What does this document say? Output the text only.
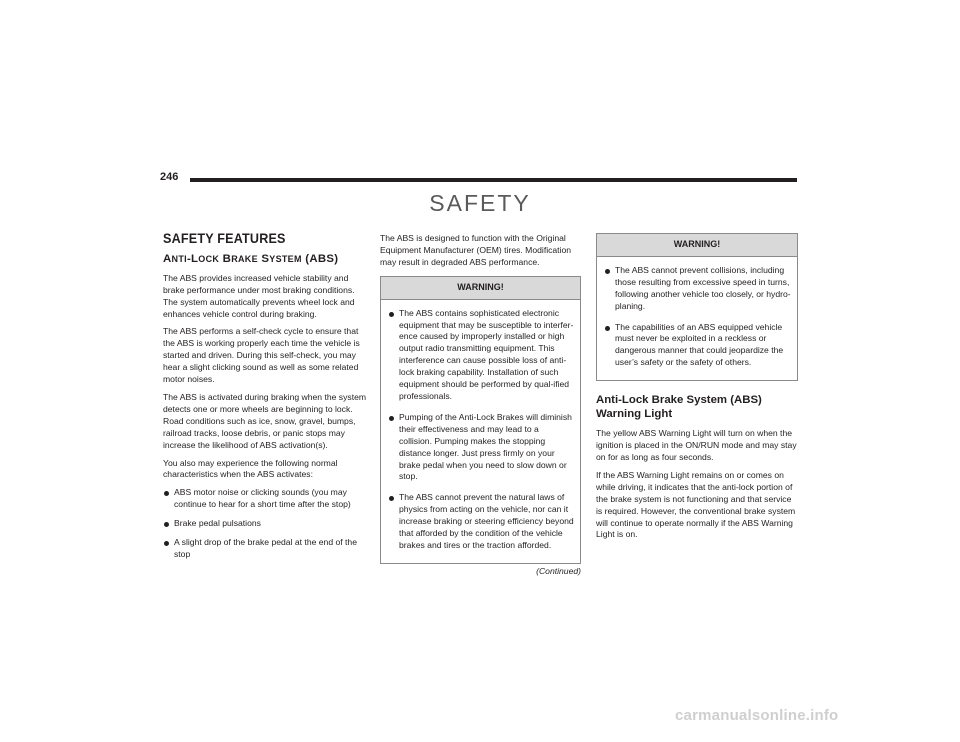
246
SAFETY
SAFETY FEATURES
ANTI-LOCK BRAKE SYSTEM (ABS)

The ABS provides increased vehicle stability and brake performance under most braking conditions. The system automatically prevents wheel lock and enhances vehicle control during braking.

The ABS performs a self-check cycle to ensure that the ABS is working properly each time the vehicle is started and driven. During this self-check, you may hear a slight clicking sound as well as some related motor noises.

The ABS is activated during braking when the system detects one or more wheels are beginning to lock. Road conditions such as ice, snow, gravel, bumps, railroad tracks, loose debris, or panic stops may increase the likelihood of ABS activation(s).

You also may experience the following normal characteristics when the ABS activates:

ABS motor noise or clicking sounds (you may continue to hear for a short time after the stop)
Brake pedal pulsations
A slight drop of the brake pedal at the end of the stop

The ABS is designed to function with the Original Equipment Manufacturer (OEM) tires. Modification may result in degraded ABS performance.

WARNING!
The ABS contains sophisticated electronic equipment that may be susceptible to interfer-ence caused by improperly installed or high output radio transmitting equipment. This interference can cause possible loss of anti-lock braking capability. Installation of such equipment should be performed by qual-ified professionals.
Pumping of the Anti-Lock Brakes will diminish their effectiveness and may lead to a collision. Pumping makes the stopping distance longer. Just press firmly on your brake pedal when you need to slow down or stop.
The ABS cannot prevent the natural laws of physics from acting on the vehicle, nor can it increase braking or steering efficiency beyond that afforded by the condition of the vehicle brakes and tires or the traction afforded.
(Continued)
WARNING!
The ABS cannot prevent collisions, including those resulting from excessive speed in turns, following another vehicle too closely, or hydro-planing.
The capabilities of an ABS equipped vehicle must never be exploited in a reckless or dangerous manner that could jeopardize the user’s safety or the safety of others.
Anti-Lock Brake System (ABS) Warning Light

The yellow ABS Warning Light will turn on when the ignition is placed in the ON/RUN mode and may stay on for as long as four seconds.

If the ABS Warning Light remains on or comes on while driving, it indicates that the anti-lock portion of the brake system is not functioning and that service is required. However, the conventional brake system will continue to operate normally if the ABS Warning Light is on.

carmanualsonline.info
